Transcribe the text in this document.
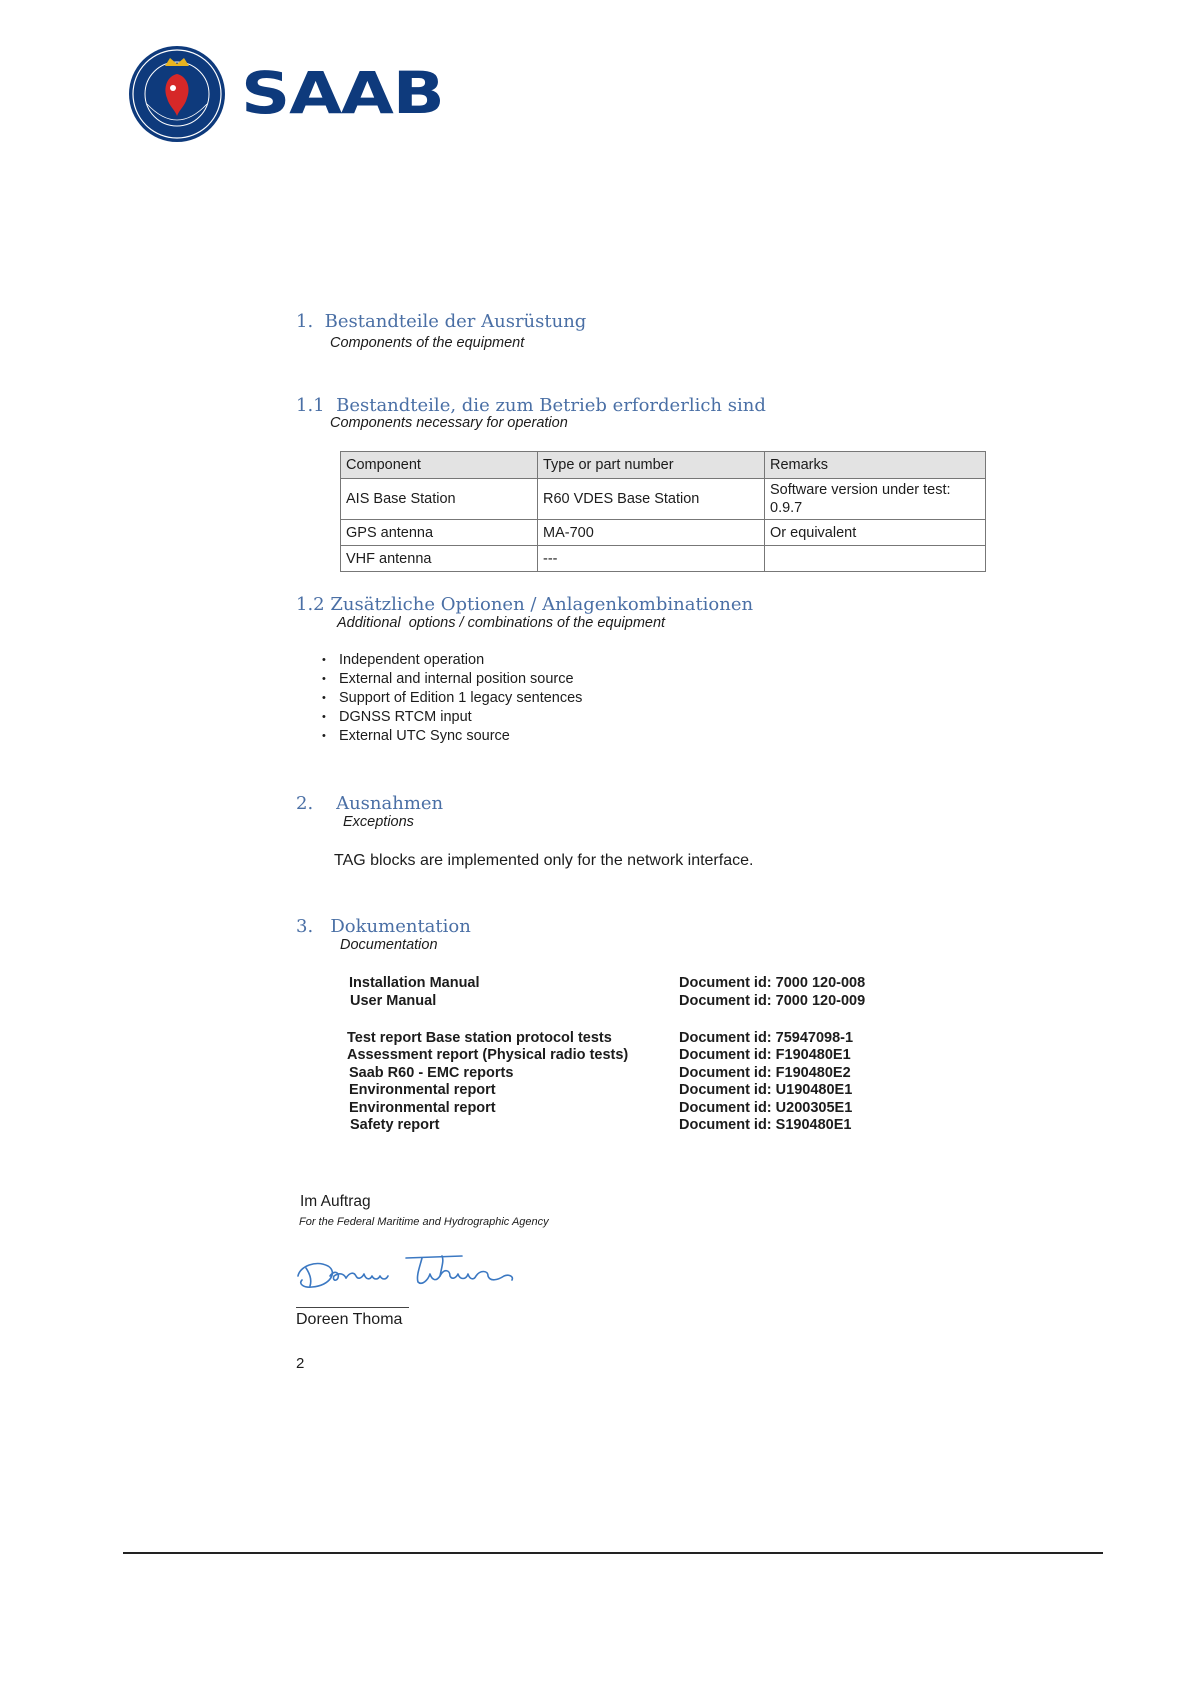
SAAB
1. Bestandteile der Ausrüstung
Components of the equipment
1.1 Bestandteile, die zum Betrieb erforderlich sind
Components necessary for operation
Component	Type or part number	Remarks
AIS Base Station	R60 VDES Base Station	Software version under test: 0.9.7
GPS antenna	MA-700	Or equivalent
VHF antenna	---	
1.2 Zusätzliche Optionen / Anlagenkombinationen
Additional  options / combinations of the equipment
• Independent operation
• External and internal position source
• Support of Edition 1 legacy sentences
• DGNSS RTCM input
• External UTC Sync source
2. Ausnahmen
Exceptions
TAG blocks are implemented only for the network interface.
3. Dokumentation
Documentation
Installation Manual	Document id: 7000 120-008
User Manual	Document id: 7000 120-009
Test report Base station protocol tests	Document id: 75947098-1
Assessment report (Physical radio tests)	Document id: F190480E1
Saab R60 - EMC reports	Document id: F190480E2
Environmental report	Document id: U190480E1
Environmental report	Document id: U200305E1
Safety report	Document id: S190480E1
Im Auftrag
For the Federal Maritime and Hydrographic Agency
Doreen Thoma
2
